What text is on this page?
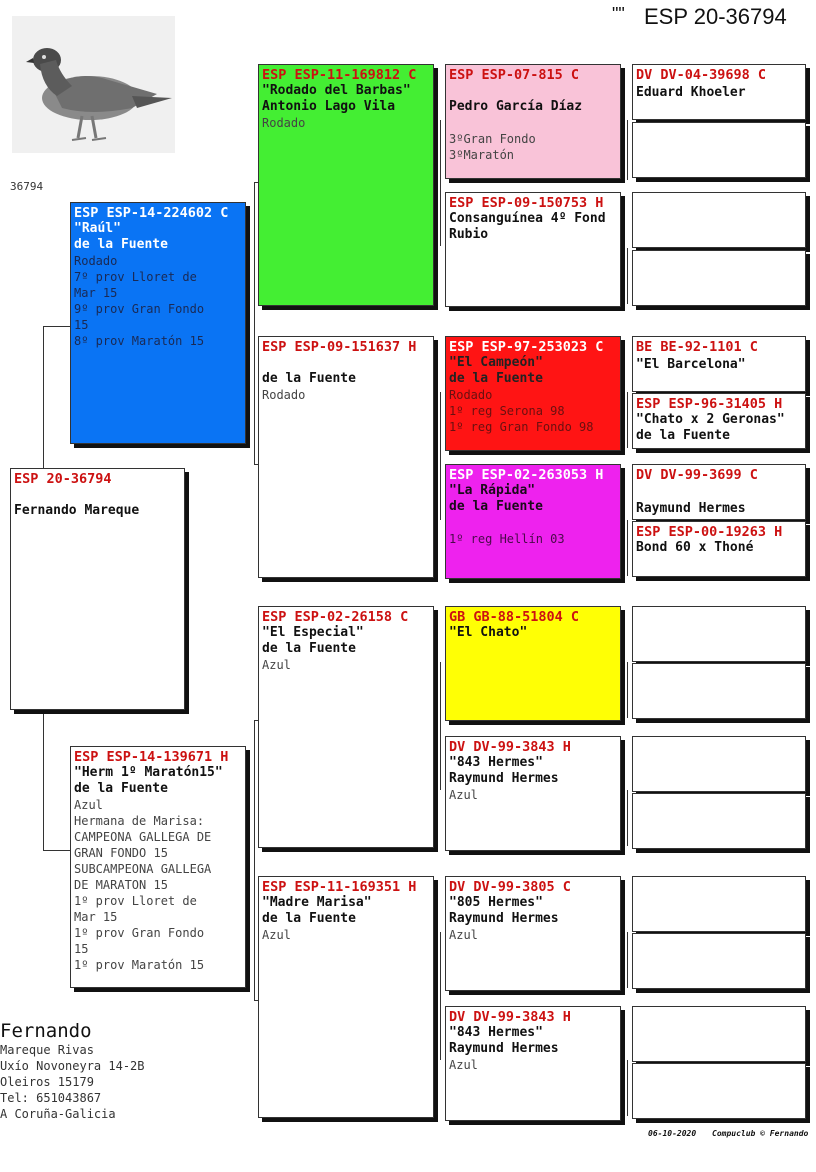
"" ESP 20-36794
36794
ESP 20-36794
Fernando Mareque
ESP ESP-14-224602 C
"Raúl"
de la Fuente
Rodado
7º prov Lloret de
Mar 15
9º prov Gran Fondo
15
8º prov Maratón 15
ESP ESP-14-139671 H
"Herm 1º Maratón15"
de la Fuente
Azul
Hermana de Marisa:
CAMPEONA GALLEGA DE
GRAN FONDO 15
SUBCAMPEONA GALLEGA
DE MARATON 15
1º prov Lloret de
Mar 15
1º prov Gran Fondo
15
1º prov Maratón 15
ESP ESP-11-169812 C
"Rodado del Barbas"
Antonio Lago Vila
Rodado
ESP ESP-09-151637 H
de la Fuente
Rodado
ESP ESP-02-26158 C
"El Especial"
de la Fuente
Azul
ESP ESP-11-169351 H
"Madre Marisa"
de la Fuente
Azul
ESP ESP-07-815 C
Pedro García Díaz
3ºGran Fondo
3ºMaratón
ESP ESP-09-150753 H
Consanguínea 4º Fond
Rubio
ESP ESP-97-253023 C
"El Campeón"
de la Fuente
Rodado
1º reg Serona 98
1º reg Gran Fondo 98
ESP ESP-02-263053 H
"La Rápida"
de la Fuente
1º reg Hellín 03
GB GB-88-51804 C
"El Chato"
DV DV-99-3843 H
"843 Hermes"
Raymund Hermes
Azul
DV DV-99-3805 C
"805 Hermes"
Raymund Hermes
Azul
DV DV-99-3843 H
"843 Hermes"
Raymund Hermes
Azul
DV DV-04-39698 C
Eduard Khoeler
BE BE-92-1101 C
"El Barcelona"
ESP ESP-96-31405 H
"Chato x 2 Geronas"
de la Fuente
DV DV-99-3699 C
Raymund Hermes
ESP ESP-00-19263 H
Bond 60 x Thoné
Fernando
Mareque Rivas
Uxío Novoneyra 14-2B
Oleiros 15179
Tel: 651043867
A Coruña-Galicia
06-10-2020 Compuclub © Fernando
